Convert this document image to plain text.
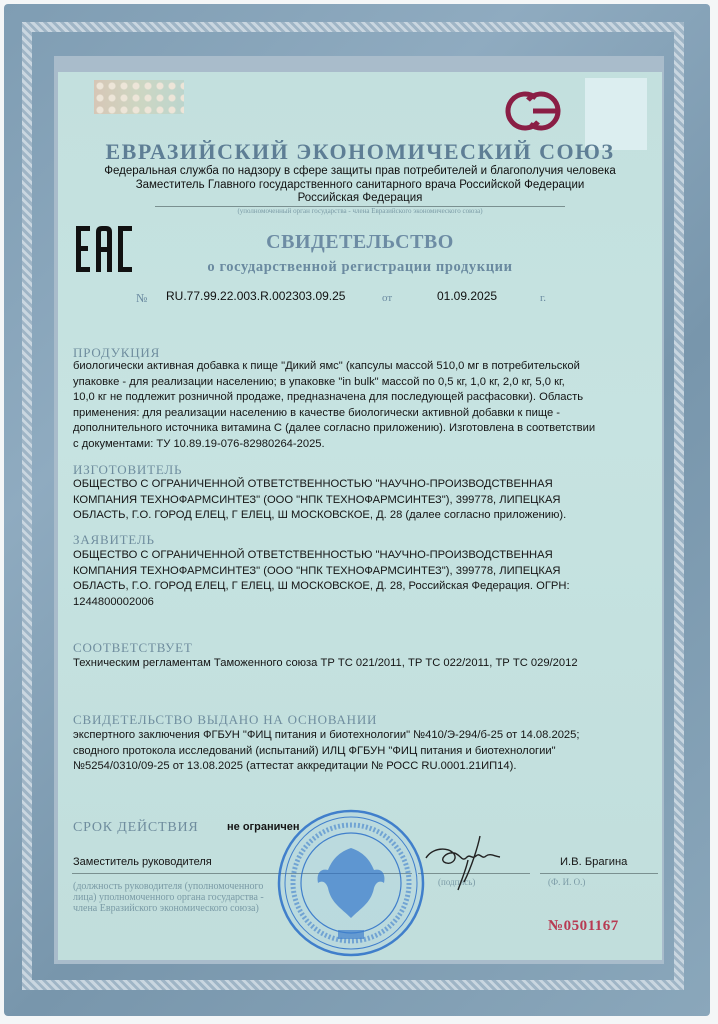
ЕВРАЗИЙСКИЙ ЭКОНОМИЧЕСКИЙ СОЮЗ
Федеральная служба по надзору в сфере защиты прав потребителей и благополучия человека
Заместитель Главного государственного санитарного врача Российской Федерации
Российская Федерация
(уполномоченный орган государства - члена Евразийского экономического союза)
СВИДЕТЕЛЬСТВО
о государственной регистрации продукции
№ RU.77.99.22.003.R.002303.09.25	от	01.09.2025	г.
ПРОДУКЦИЯ
биологически активная добавка к пище "Дикий ямс" (капсулы массой 510,0 мг в потребительской
упаковке - для реализации населению; в упаковке "in bulk" массой по 0,5 кг, 1,0 кг, 2,0 кг, 5,0 кг,
10,0 кг не подлежит розничной продаже, предназначена для последующей расфасовки). Область
применения: для реализации населению в качестве биологически активной добавки к пище -
дополнительного источника витамина С (далее согласно приложению). Изготовлена в соответствии
с документами: ТУ 10.89.19-076-82980264-2025.
ИЗГОТОВИТЕЛЬ
ОБЩЕСТВО С ОГРАНИЧЕННОЙ ОТВЕТСТВЕННОСТЬЮ "НАУЧНО-ПРОИЗВОДСТВЕННАЯ
КОМПАНИЯ ТЕХНОФАРМСИНТЕЗ" (ООО "НПК ТЕХНОФАРМСИНТЕЗ"), 399778, ЛИПЕЦКАЯ
ОБЛАСТЬ, Г.О. ГОРОД ЕЛЕЦ, Г ЕЛЕЦ, Ш МОСКОВСКОЕ, Д. 28 (далее согласно приложению).
ЗАЯВИТЕЛЬ
ОБЩЕСТВО С ОГРАНИЧЕННОЙ ОТВЕТСТВЕННОСТЬЮ "НАУЧНО-ПРОИЗВОДСТВЕННАЯ
КОМПАНИЯ ТЕХНОФАРМСИНТЕЗ" (ООО "НПК ТЕХНОФАРМСИНТЕЗ"), 399778, ЛИПЕЦКАЯ
ОБЛАСТЬ, Г.О. ГОРОД ЕЛЕЦ, Г ЕЛЕЦ, Ш МОСКОВСКОЕ, Д. 28, Российская Федерация. ОГРН:
1244800002006
СООТВЕТСТВУЕТ
Техническим регламентам Таможенного союза ТР ТС 021/2011, ТР ТС 022/2011, ТР ТС 029/2012
СВИДЕТЕЛЬСТВО ВЫДАНО НА ОСНОВАНИИ
экспертного заключения ФГБУН "ФИЦ питания и биотехнологии" №410/Э-294/б-25 от 14.08.2025;
сводного протокола исследований (испытаний) ИЛЦ ФГБУН "ФИЦ питания и биотехнологии"
№5254/0310/09-25 от 13.08.2025 (аттестат аккредитации № РОСС RU.0001.21ИП14).
СРОК ДЕЙСТВИЯ	не ограничен
Заместитель руководителя
(должность руководителя (уполномоченного
лица) уполномоченного органа государства -
члена Евразийского экономического союза)
(подпись)	(Ф. И. О.)
И.В. Брагина
№0501167
